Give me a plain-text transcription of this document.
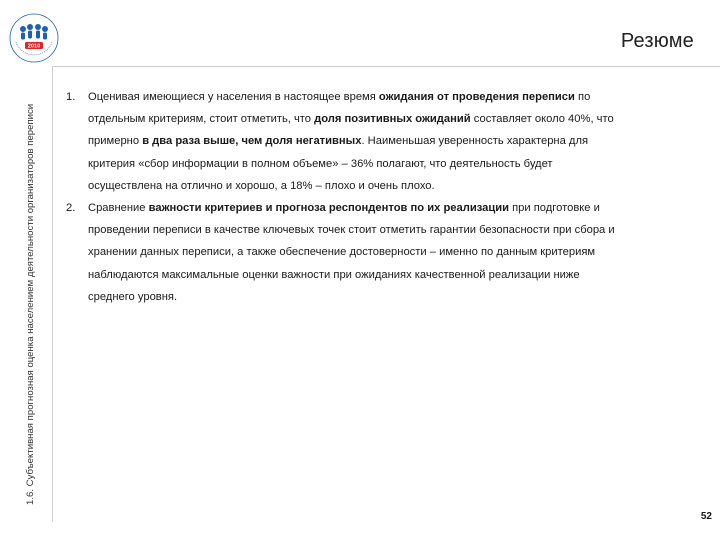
2010	Резюме
1.6. Субъективная прогнозная оценка населением деятельности организаторов переписи
1.	Оценивая имеющиеся у населения в настоящее время ожидания от проведения переписи по отдельным критериям, стоит отметить, что доля позитивных ожиданий составляет около 40%, что примерно в два раза выше, чем доля негативных. Наименьшая уверенность характерна для критерия «сбор информации в полном объеме» – 36% полагают, что деятельность будет осуществлена на отлично и хорошо, а 18% – плохо и очень плохо.
2.	Сравнение важности критериев и прогноза респондентов по их реализации при подготовке и проведении переписи в качестве ключевых точек стоит отметить гарантии безопасности при сбора и хранении данных переписи, а также обеспечение достоверности – именно по данным критериям наблюдаются максимальные оценки важности при ожиданиях качественной реализации ниже среднего уровня.
52
